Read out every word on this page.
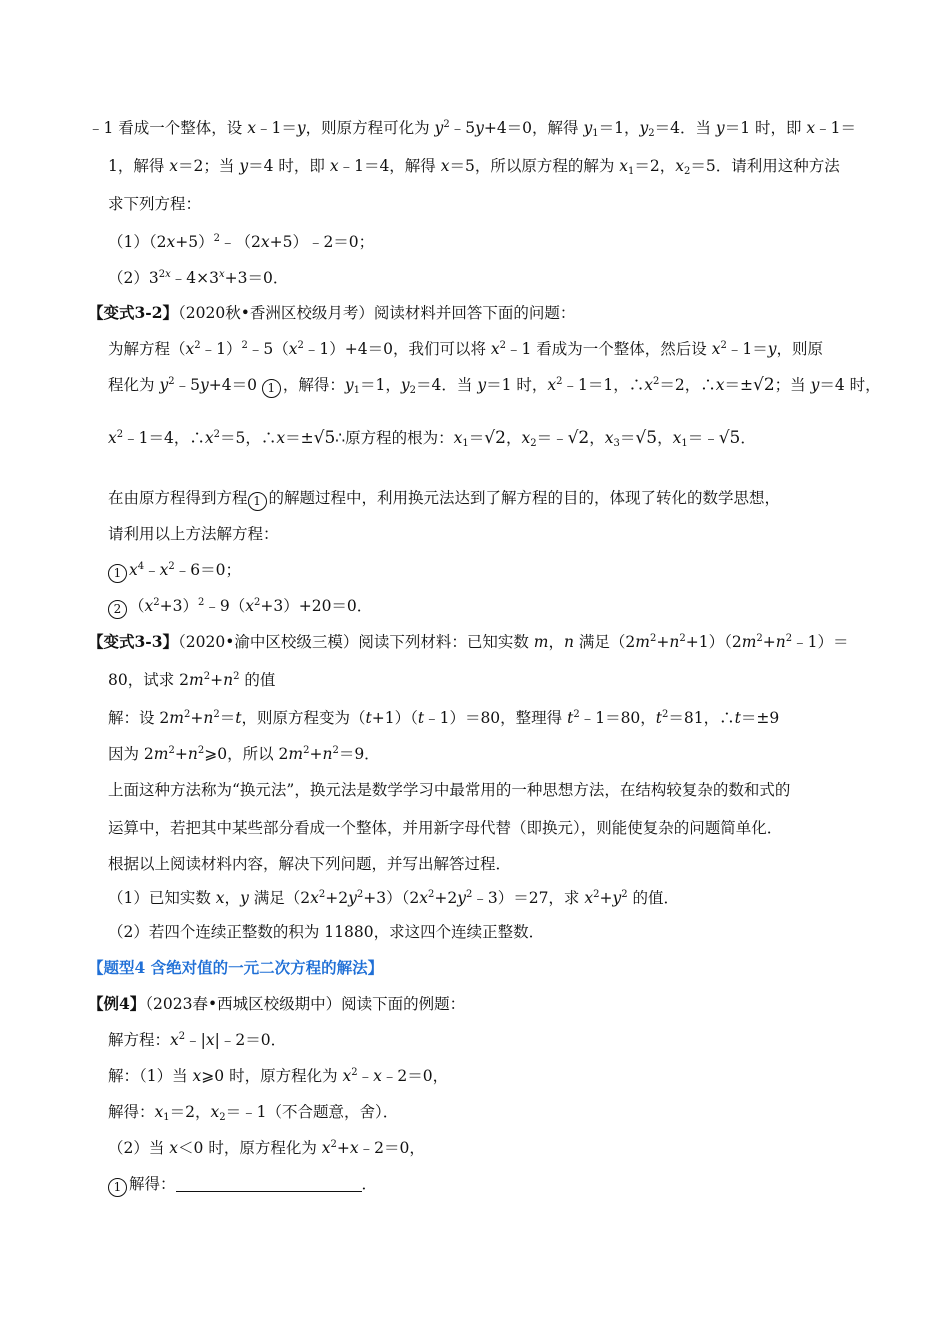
﹣1 看成一个整体，设 x﹣1＝y，则原方程可化为 $y^2﹣5y+4=0$，解得 $y_1=1$，$y_2=4$．当 y＝1 时，即 x﹣1＝
1，解得 x＝2；当 y＝4 时，即 x﹣1＝4，解得 x＝5，所以原方程的解为 $x_1=2$，$x_2=5$．请利用这种方法
求下列方程：
$(1)(2x+5)^2﹣(2x+5)﹣2=0$；
$(2)3^{2x}﹣4\times 3^x+3=0$．
【变式3-2】（2020秋•香洲区校级月考）阅读材料并回答下面的问题：
为解方程$(x^2﹣1)^2﹣5(x^2﹣1)+4=0$，我们可以将 $x^2﹣1$ 看成为一个整体，然后设 $x^2﹣1=y$，则原
程化为 $y^2﹣5y+4=0$ 1 ，解得：$y_1=1$，$y_2=4$．当 y＝1 时，$x^2﹣1=1$，$\therefore x^2=2$，∴x＝±√2；当 y＝4 时，
$x^2﹣1=4$，$\therefore x^2=5$，∴x＝±√5∴原方程的根为：$x_1=√2$，$x_2=﹣√2$，$x_3=√5$，$x_1=﹣√5$．
在由原方程得到方程 1 的解题过程中，利用换元法达到了解方程的目的，体现了转化的数学思想，
请利用以上方法解方程：
1 $x^4﹣x^2﹣6=0$；
2 $(x^2+3)^2﹣9(x^2+3)+20=0$．
【变式3-3】（2020•渝中区校级三模）阅读下列材料：已知实数 m，n 满足$(2m^2+n^2+1)(2m^2+n^2﹣1)=$
80，试求 $2m^2+n^2$ 的值
解：设 $2m^2+n^2=t$，则原方程变为（t+1）（t﹣1）＝80，整理得 $t^2﹣1=80$，$t^2=81$，∴t＝±9
因为 $2m^2+n^2⩾0$，所以 $2m^2+n^2=9$．
上面这种方法称为“换元法”，换元法是数学学习中最常用的一种思想方法，在结构较复杂的数和式的
运算中，若把其中某些部分看成一个整体，并用新字母代替（即换元），则能使复杂的问题简单化．
根据以上阅读材料内容，解决下列问题，并写出解答过程．
（1）已知实数 x，y 满足$(2x^2+2y^2+3)(2x^2+2y^2﹣3)=27$，求 $x^2+y^2$ 的值．
（2）若四个连续正整数的积为 11880，求这四个连续正整数．
【题型4 含绝对值的一元二次方程的解法】
【例4】（2023春•西城区校级期中）阅读下面的例题：
解方程：$x^2﹣|x|﹣2=0$．
解：（1）当 x⩾0 时，原方程化为 $x^2﹣x﹣2=0$，
解得：$x_1=2$，$x_2=﹣1$（不合题意，舍）．
（2）当 x＜0 时，原方程化为 $x^2+x﹣2=0$，
1 解得：	．
